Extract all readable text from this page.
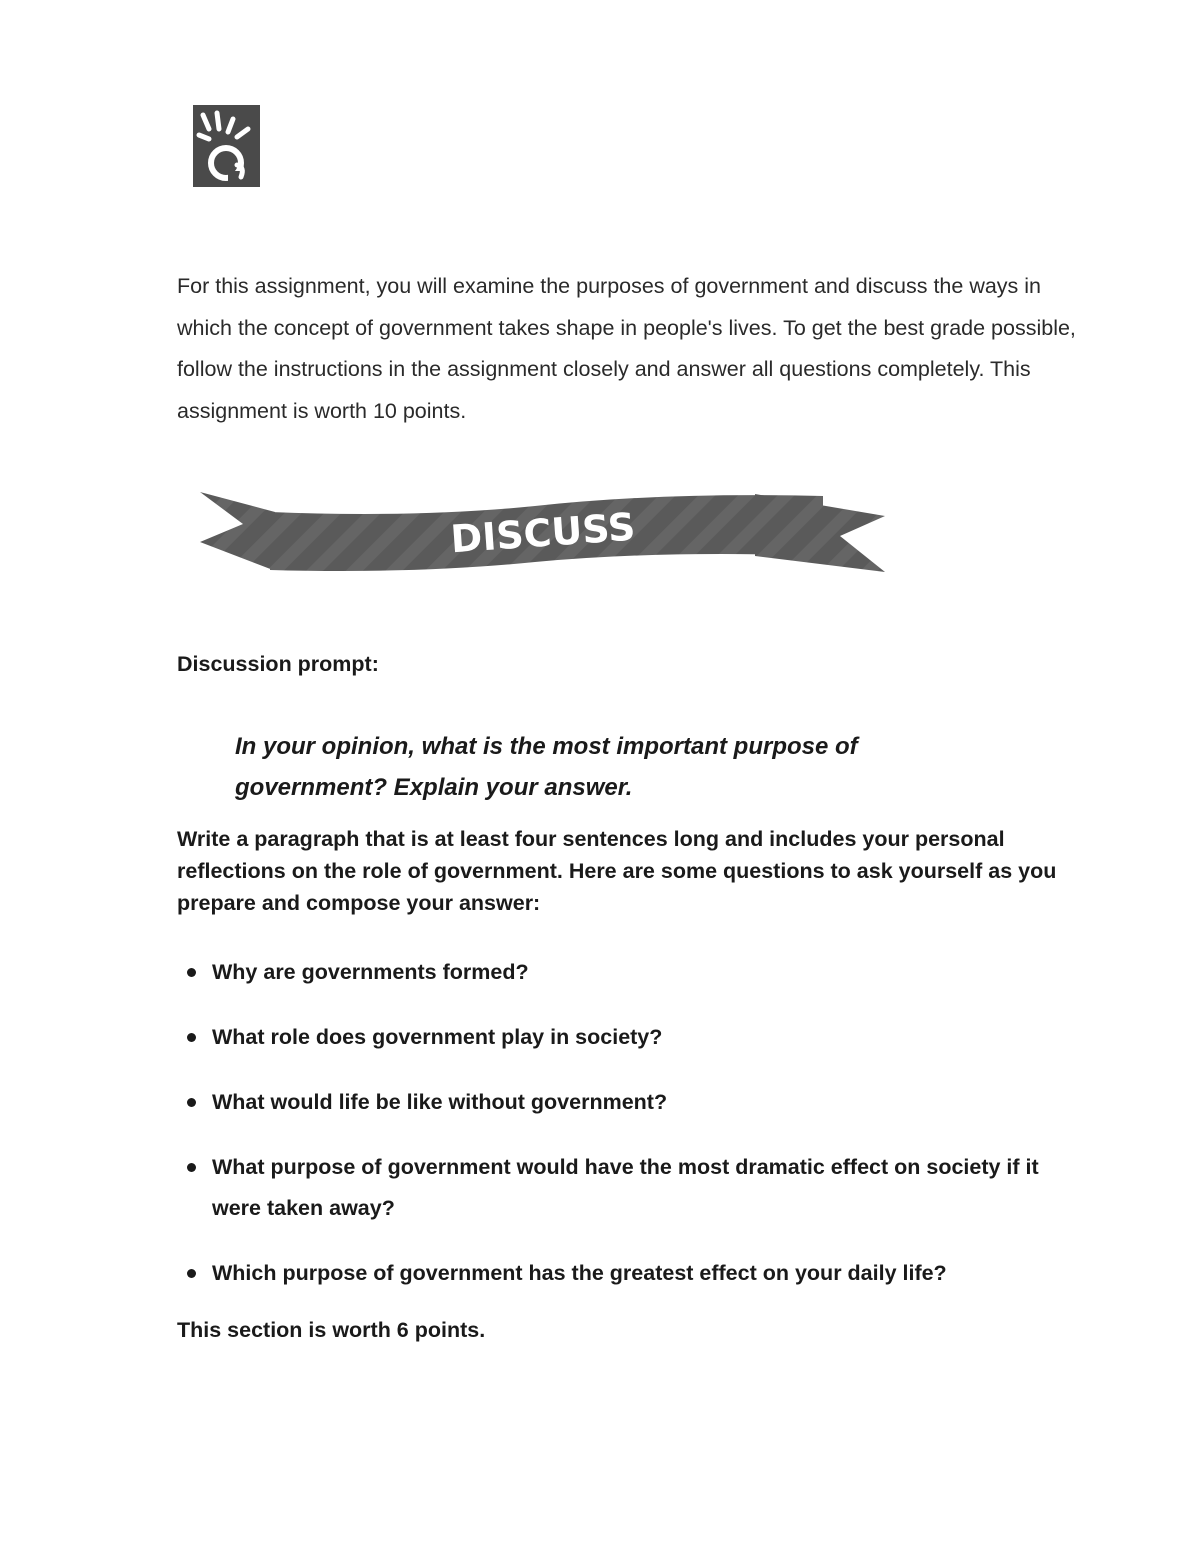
For this assignment, you will examine the purposes of government and discuss the ways in which the concept of government takes shape in people's lives. To get the best grade possible, follow the instructions in the assignment closely and answer all questions completely. This assignment is worth 10 points.

DISCUSS

Discussion prompt:

In your opinion, what is the most important purpose of government? Explain your answer.

Write a paragraph that is at least four sentences long and includes your personal reflections on the role of government. Here are some questions to ask yourself as you prepare and compose your answer:

Why are governments formed?
What role does government play in society?
What would life be like without government?
What purpose of government would have the most dramatic effect on society if it were taken away?
Which purpose of government has the greatest effect on your daily life?

This section is worth 6 points.
